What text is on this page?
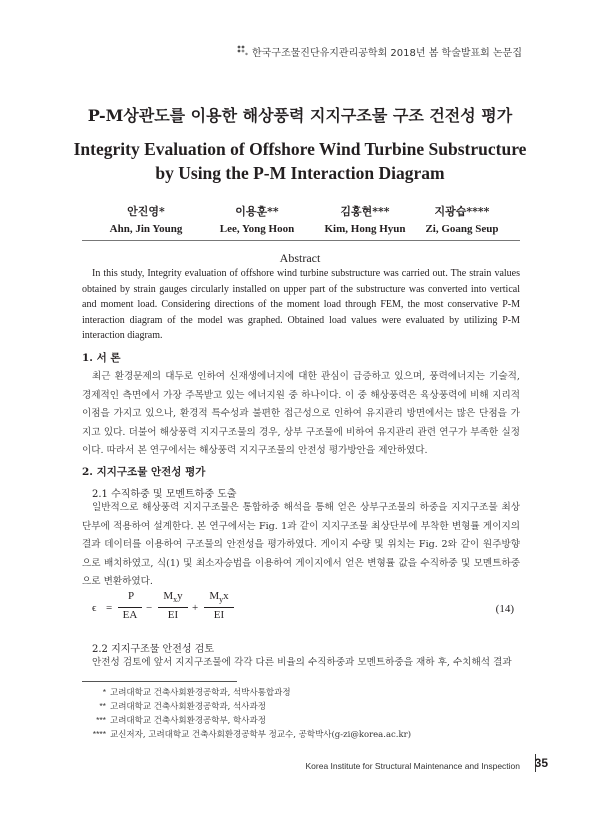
한국구조물진단유지관리공학회 2018년 봄 학술발표회 논문집
P-M상관도를 이용한 해상풍력 지지구조물 구조 건전성 평가
Integrity Evaluation of Offshore Wind Turbine Substructure
by Using the P-M Interaction Diagram
안진영*
Ahn, Jin Young
이용훈**
Lee, Yong Hoon
김홍현***
Kim, Hong Hyun
지광습****
Zi, Goang Seup
Abstract
In this study, Integrity evaluation of offshore wind turbine substructure was carried out. The strain values obtained by strain gauges circularly installed on upper part of the substructure was converted into vertical and moment load. Considering directions of the moment load through FEM, the most conservative P-M interaction diagram of the model was graphed. Obtained load values were evaluated by utilizing P-M interaction diagram.
1. 서 론
최근 환경문제의 대두로 인하여 신재생에너지에 대한 관심이 급증하고 있으며, 풍력에너지는 기술적, 경제적인 측면에서 가장 주목받고 있는 에너지원 중 하나이다. 이 중 해상풍력은 육상풍력에 비해 지리적 이점을 가지고 있으나, 환경적 특수성과 불편한 접근성으로 인하여 유지관리 방면에서는 많은 단점을 가지고 있다. 더불어 해상풍력 지지구조물의 경우, 상부 구조물에 비하여 유지관리 관련 연구가 부족한 실정이다. 따라서 본 연구에서는 해상풍력 지지구조물의 안전성 평가방안을 제안하였다.
2. 지지구조물 안전성 평가
2.1 수직하중 및 모멘트하중 도출
일반적으로 해상풍력 지지구조물은 통합하중 해석을 통해 얻은 상부구조물의 하중을 지지구조물 최상단부에 적용하여 설계한다. 본 연구에서는 Fig. 1과 같이 지지구조물 최상단부에 부착한 변형률 게이지의 결과 데이터를 이용하여 구조물의 안전성을 평가하였다. 게이지 수량 및 위치는 Fig. 2와 같이 원주방향으로 배치하였고, 식(1) 및 최소자승법을 이용하여 게이지에서 얻은 변형률 값을 수직하중 및 모멘트하중으로 변환하였다.
ϵ =
P
EA
−
$M_xy$
EI
+
$M_yx$
EI	(14)
2.2 지지구조물 안전성 검토
안전성 검토에 앞서 지지구조물에 각각 다른 비율의 수직하중과 모멘트하중을 재하 후, 수치해석 결과
* 고려대학교 건축사회환경공학과, 석박사통합과정
** 고려대학교 건축사회환경공학과, 석사과정
*** 고려대학교 건축사회환경공학부, 학사과정
**** 교신저자, 고려대학교 건축사회환경공학부 정교수, 공학박사(g-zi@korea.ac.kr)
Korea Institute for Structural Maintenance and Inspection 35
